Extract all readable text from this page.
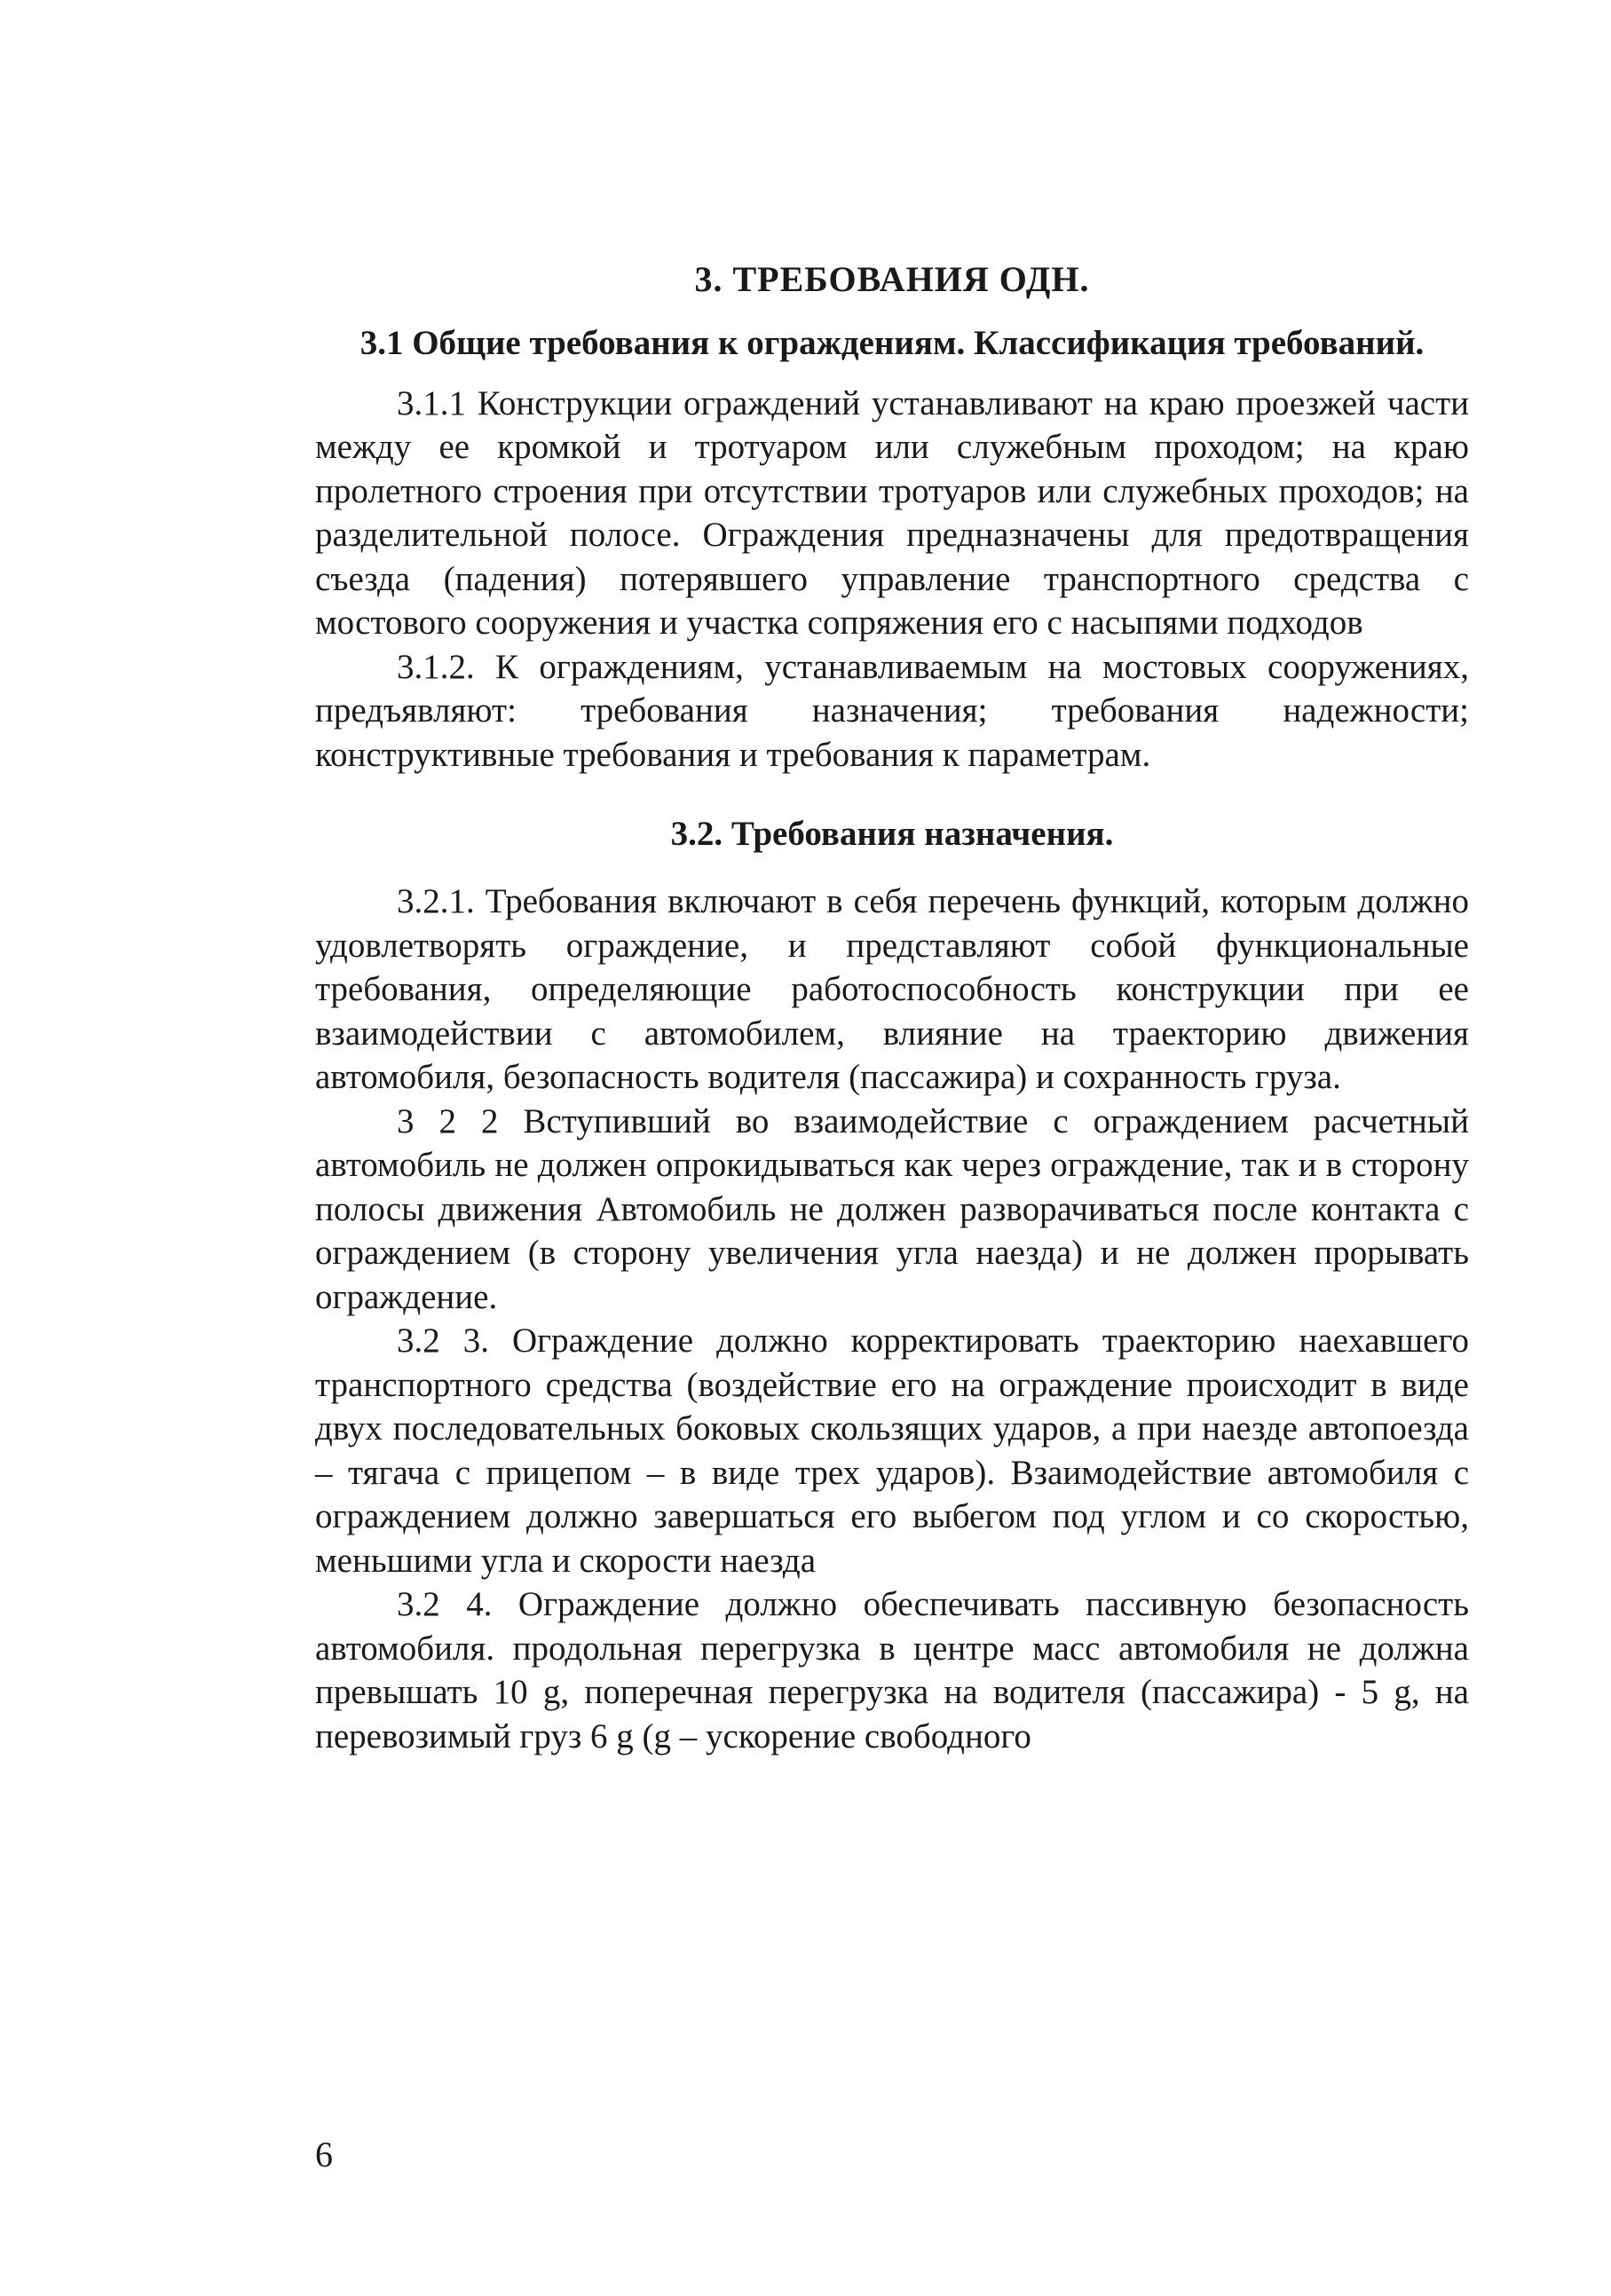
3. ТРЕБОВАНИЯ ОДН.
3.1 Общие требования к ограждениям. Классификация требований.

3.1.1 Конструкции ограждений устанавливают на краю проезжей части между ее кромкой и тротуаром или служебным проходом; на краю пролетного строения при отсутствии тротуаров или служебных проходов; на разделительной полосе. Ограждения предназначены для предотвращения съезда (падения) потерявшего управление транспортного средства с мостового сооружения и участка сопряжения его с насыпями подходов

3.1.2. К ограждениям, устанавливаемым на мостовых сооружениях, предъявляют: требования назначения; требования надежности; конструктивные требования и требования к параметрам.

3.2. Требования назначения.

3.2.1. Требования включают в себя перечень функций, которым должно удовлетворять ограждение, и представляют собой функциональные требования, определяющие работоспособность конструкции при ее взаимодействии с автомобилем, влияние на траекторию движения автомобиля, безопасность водителя (пассажира) и сохранность груза.

3 2 2 Вступивший во взаимодействие с ограждением расчетный автомобиль не должен опрокидываться как через ограждение, так и в сторону полосы движения Автомобиль не должен разворачиваться после контакта с ограждением (в сторону увеличения угла наезда) и не должен прорывать ограждение.

3.2 3. Ограждение должно корректировать траекторию наехавшего транспортного средства (воздействие его на ограждение происходит в виде двух последовательных боковых скользящих ударов, а при наезде автопоезда – тягача с прицепом – в виде трех ударов). Взаимодействие автомобиля с ограждением должно завершаться его выбегом под углом и со скоростью, меньшими угла и скорости наезда

3.2 4. Ограждение должно обеспечивать пассивную безопасность автомобиля. продольная перегрузка в центре масс автомобиля не должна превышать 10 g, поперечная перегрузка на водителя (пассажира) - 5 g, на перевозимый груз 6 g (g – ускорение свободного

6
